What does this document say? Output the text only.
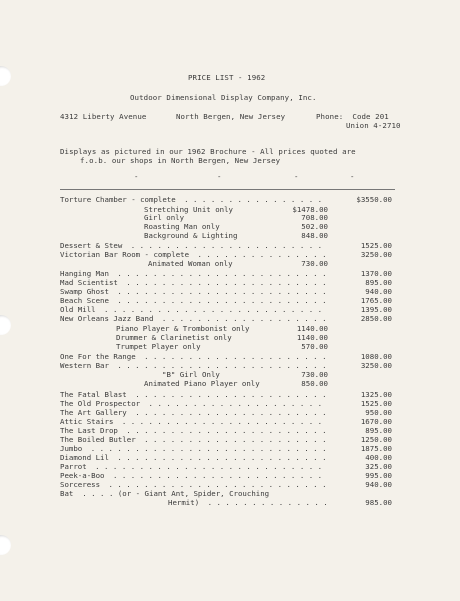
PRICE LIST - 1962
Outdoor Dimensional Display Company, Inc.
4312 Liberty Avenue	North Bergen, New Jersey	Phone:  Code 201
Union 4-2710
Displays as pictured in our 1962 Brochure - All prices quoted are
f.o.b. our shops in North Bergen, New Jersey
-	-	-	-
Torture Chamber - complete . . . . . . . . . . . . . . . .	$3550.00
Stretching Unit only	$1478.00
Girl only	708.00
Roasting Man only	502.00
Background & Lighting	848.00
Dessert & Stew . . . . . . . . . . . . . . . . . . . . . .	1525.00
Victorian Bar Room - complete . . . . . . . . . . . . . . .	3250.00
Animated Woman only	730.00
Hanging Man . . . . . . . . . . . . . . . . . . . . . . . .	1370.00
Mad Scientist . . . . . . . . . . . . . . . . . . . . . . .	895.00
Swamp Ghost . . . . . . . . . . . . . . . . . . . . . . . .	940.00
Beach Scene . . . . . . . . . . . . . . . . . . . . . . . .	1765.00
Old Mill . . . . . . . . . . . . . . . . . . . . . . . . .	1395.00
New Orleans Jazz Band . . . . . . . . . . . . . . . . . . .	2850.00
Piano Player & Trombonist only	1140.00
Drummer & Clarinetist only	1140.00
Trumpet Player only	570.00
One For the Range . . . . . . . . . . . . . . . . . . . . .	1080.00
Western Bar . . . . . . . . . . . . . . . . . . . . . . . .	3250.00
"B" Girl Only	730.00
Animated Piano Player only	850.00
The Fatal Blast . . . . . . . . . . . . . . . . . . . . . .	1325.00
The Old Prospector . . . . . . . . . . . . . . . . . . . .	1525.00
The Art Gallery . . . . . . . . . . . . . . . . . . . . . .	950.00
Attic Stairs . . . . . . . . . . . . . . . . . . . . . . .	1670.00
The Last Drop . . . . . . . . . . . . . . . . . . . . . . .	895.00
The Boiled Butler . . . . . . . . . . . . . . . . . . . . .	1250.00
Jumbo . . . . . . . . . . . . . . . . . . . . . . . . . . .	1875.00
Diamond Lil . . . . . . . . . . . . . . . . . . . . . . . .	400.00
Parrot . . . . . . . . . . . . . . . . . . . . . . . . . .	325.00
Peek-a-Boo . . . . . . . . . . . . . . . . . . . . . . . .	995.00
Sorceress . . . . . . . . . . . . . . . . . . . . . . . . .	940.00
Bat  . . . . (or - Giant Ant, Spider, Crouching
Hermit) . . . . . . . . . . . . . .	985.00
